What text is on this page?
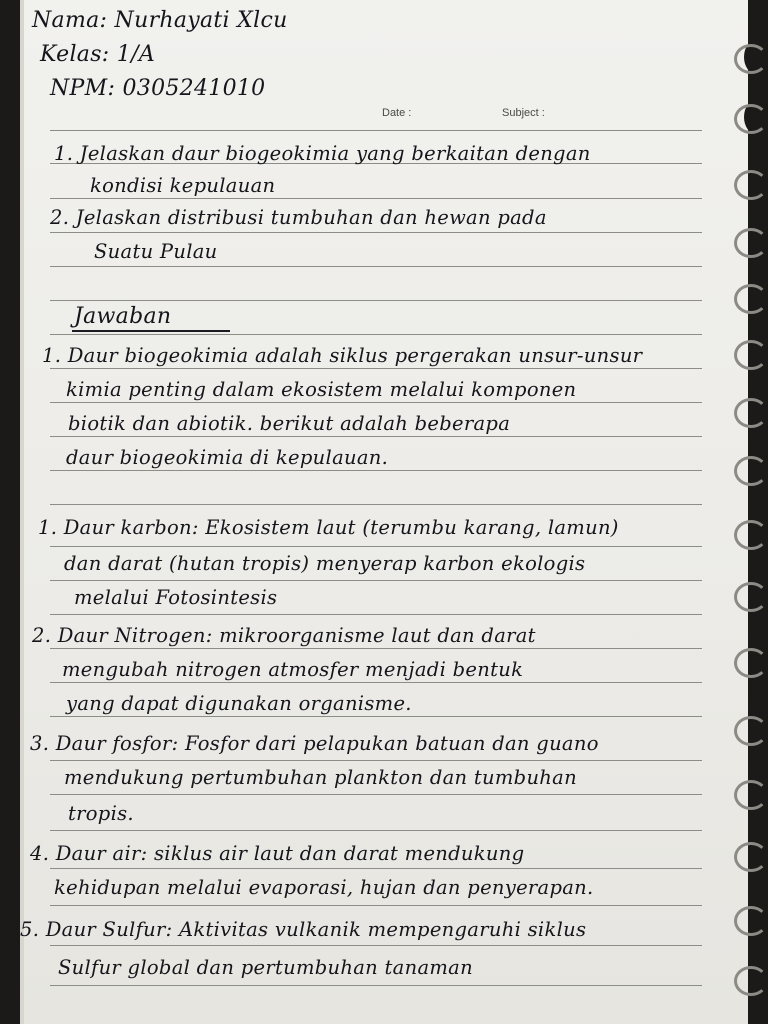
Date :	Subject :
Nama: Nurhayati Xlcu
Kelas: 1/A
NPM: 0305241010
1. Jelaskan daur biogeokimia yang berkaitan dengan
kondisi kepulauan
2. Jelaskan distribusi tumbuhan dan hewan pada
Suatu Pulau
Jawaban
1. Daur biogeokimia adalah siklus pergerakan unsur-unsur
kimia penting dalam ekosistem melalui komponen
biotik dan abiotik. berikut adalah beberapa
daur biogeokimia di kepulauan.
1. Daur karbon: Ekosistem laut (terumbu karang, lamun)
dan darat (hutan tropis) menyerap karbon ekologis
melalui Fotosintesis
2. Daur Nitrogen: mikroorganisme laut dan darat
mengubah nitrogen atmosfer menjadi bentuk
yang dapat digunakan organisme.
3. Daur fosfor: Fosfor dari pelapukan batuan dan guano
mendukung pertumbuhan plankton dan tumbuhan
tropis.
4. Daur air: siklus air laut dan darat mendukung
kehidupan melalui evaporasi, hujan dan penyerapan.
5. Daur Sulfur: Aktivitas vulkanik mempengaruhi siklus
Sulfur global dan pertumbuhan tanaman
